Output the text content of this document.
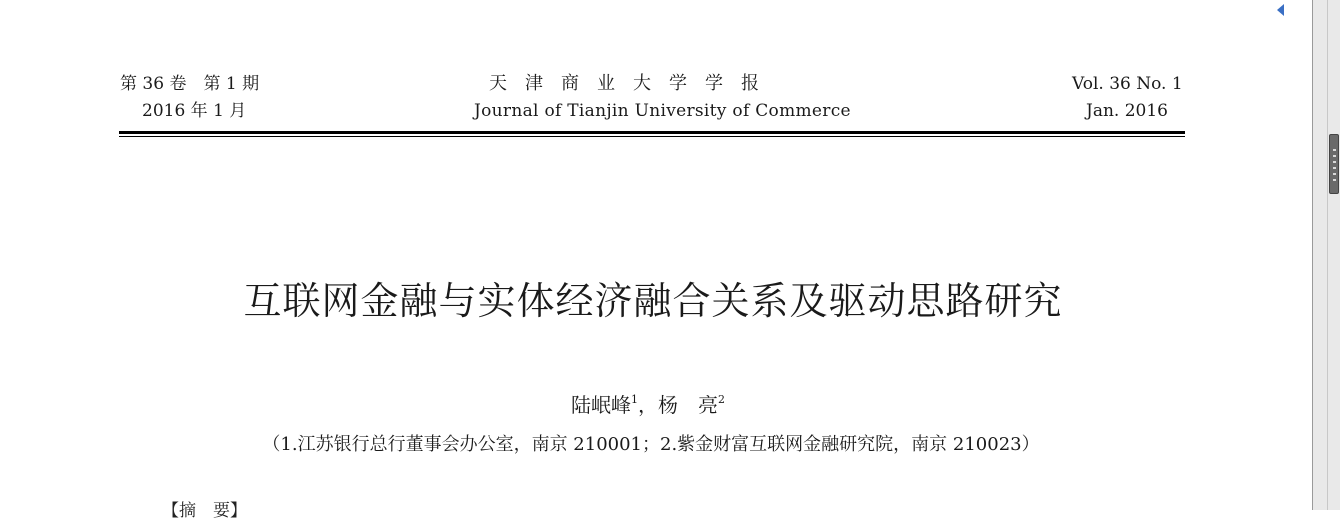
第 36 卷　第 1 期
2016 年 1 月
天津商业大学学报
Journal of Tianjin University of Commerce
Vol. 36 No. 1
Jan. 2016
互联网金融与实体经济融合关系及驱动思路研究
陆岷峰$^1$，杨　亮$^2$
（1.江苏银行总行董事会办公室，南京 210001；2.紫金财富互联网金融研究院，南京 210023）
【摘　要】
